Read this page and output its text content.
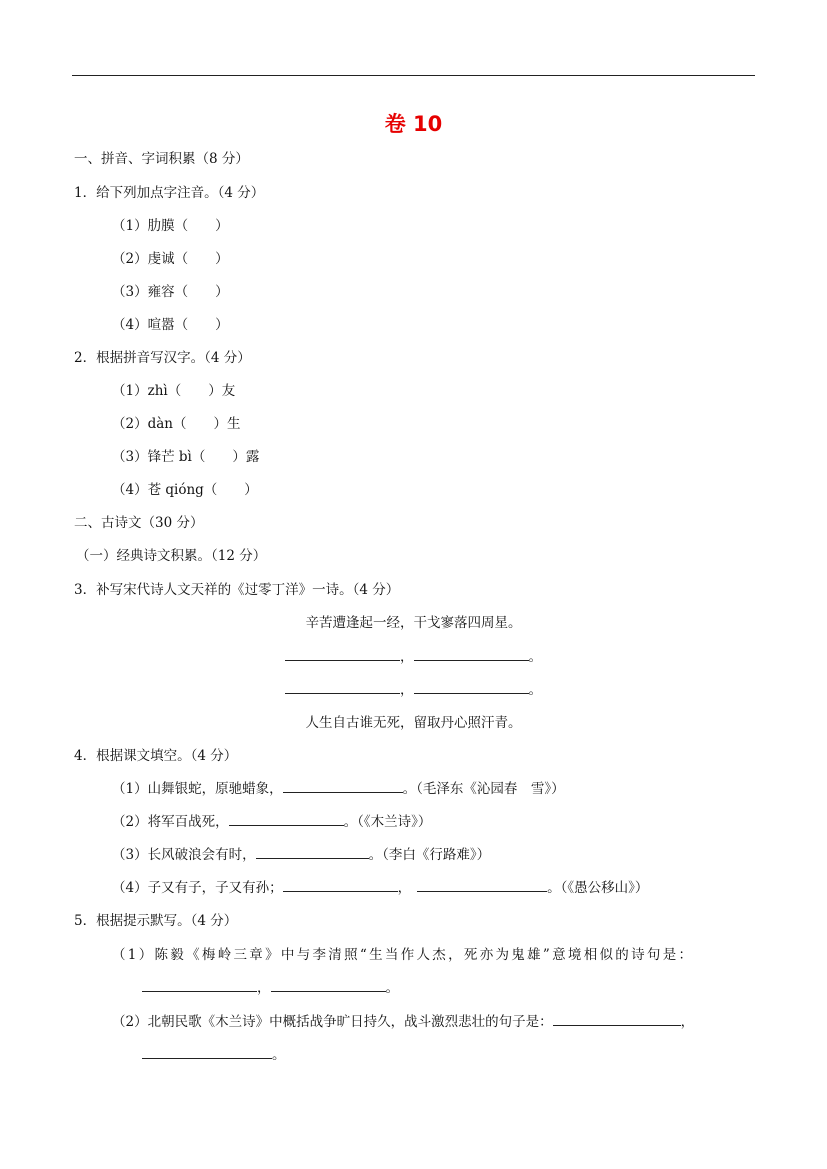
卷 10
一、拼音、字词积累（8 分）
1．给下列加点字注音。（4 分）
（1）肋膜（　　）
（2）虔诚（　　）
（3）雍容（　　）
（4）喧嚣（　　）
2．根据拼音写汉字。（4 分）
（1）zhì（　　）友
（2）dàn（　　）生
（3）锋芒 bì（　　）露
（4）苍 qióng（　　）
二、古诗文（30 分）
（一）经典诗文积累。（12 分）
3．补写宋代诗人文天祥的《过零丁洋》一诗。（4 分）
辛苦遭逢起一经，干戈寥落四周星。
，	。
，	。
人生自古谁无死，留取丹心照汗青。
4．根据课文填空。（4 分）
（1）山舞银蛇，原驰蜡象，	。（毛泽东《沁园春　雪》）
（2）将军百战死，	。（《木兰诗》）
（3）长风破浪会有时，	。（李白《行路难》）
（4）子又有子，子又有孙；	，	。（《愚公移山》）
5．根据提示默写。（4 分）
（1）陈毅《梅岭三章》中与李清照“生当作人杰，死亦为鬼雄”意境相似的诗句是：
，	。
（2）北朝民歌《木兰诗》中概括战争旷日持久，战斗激烈悲壮的句子是：	，
。
